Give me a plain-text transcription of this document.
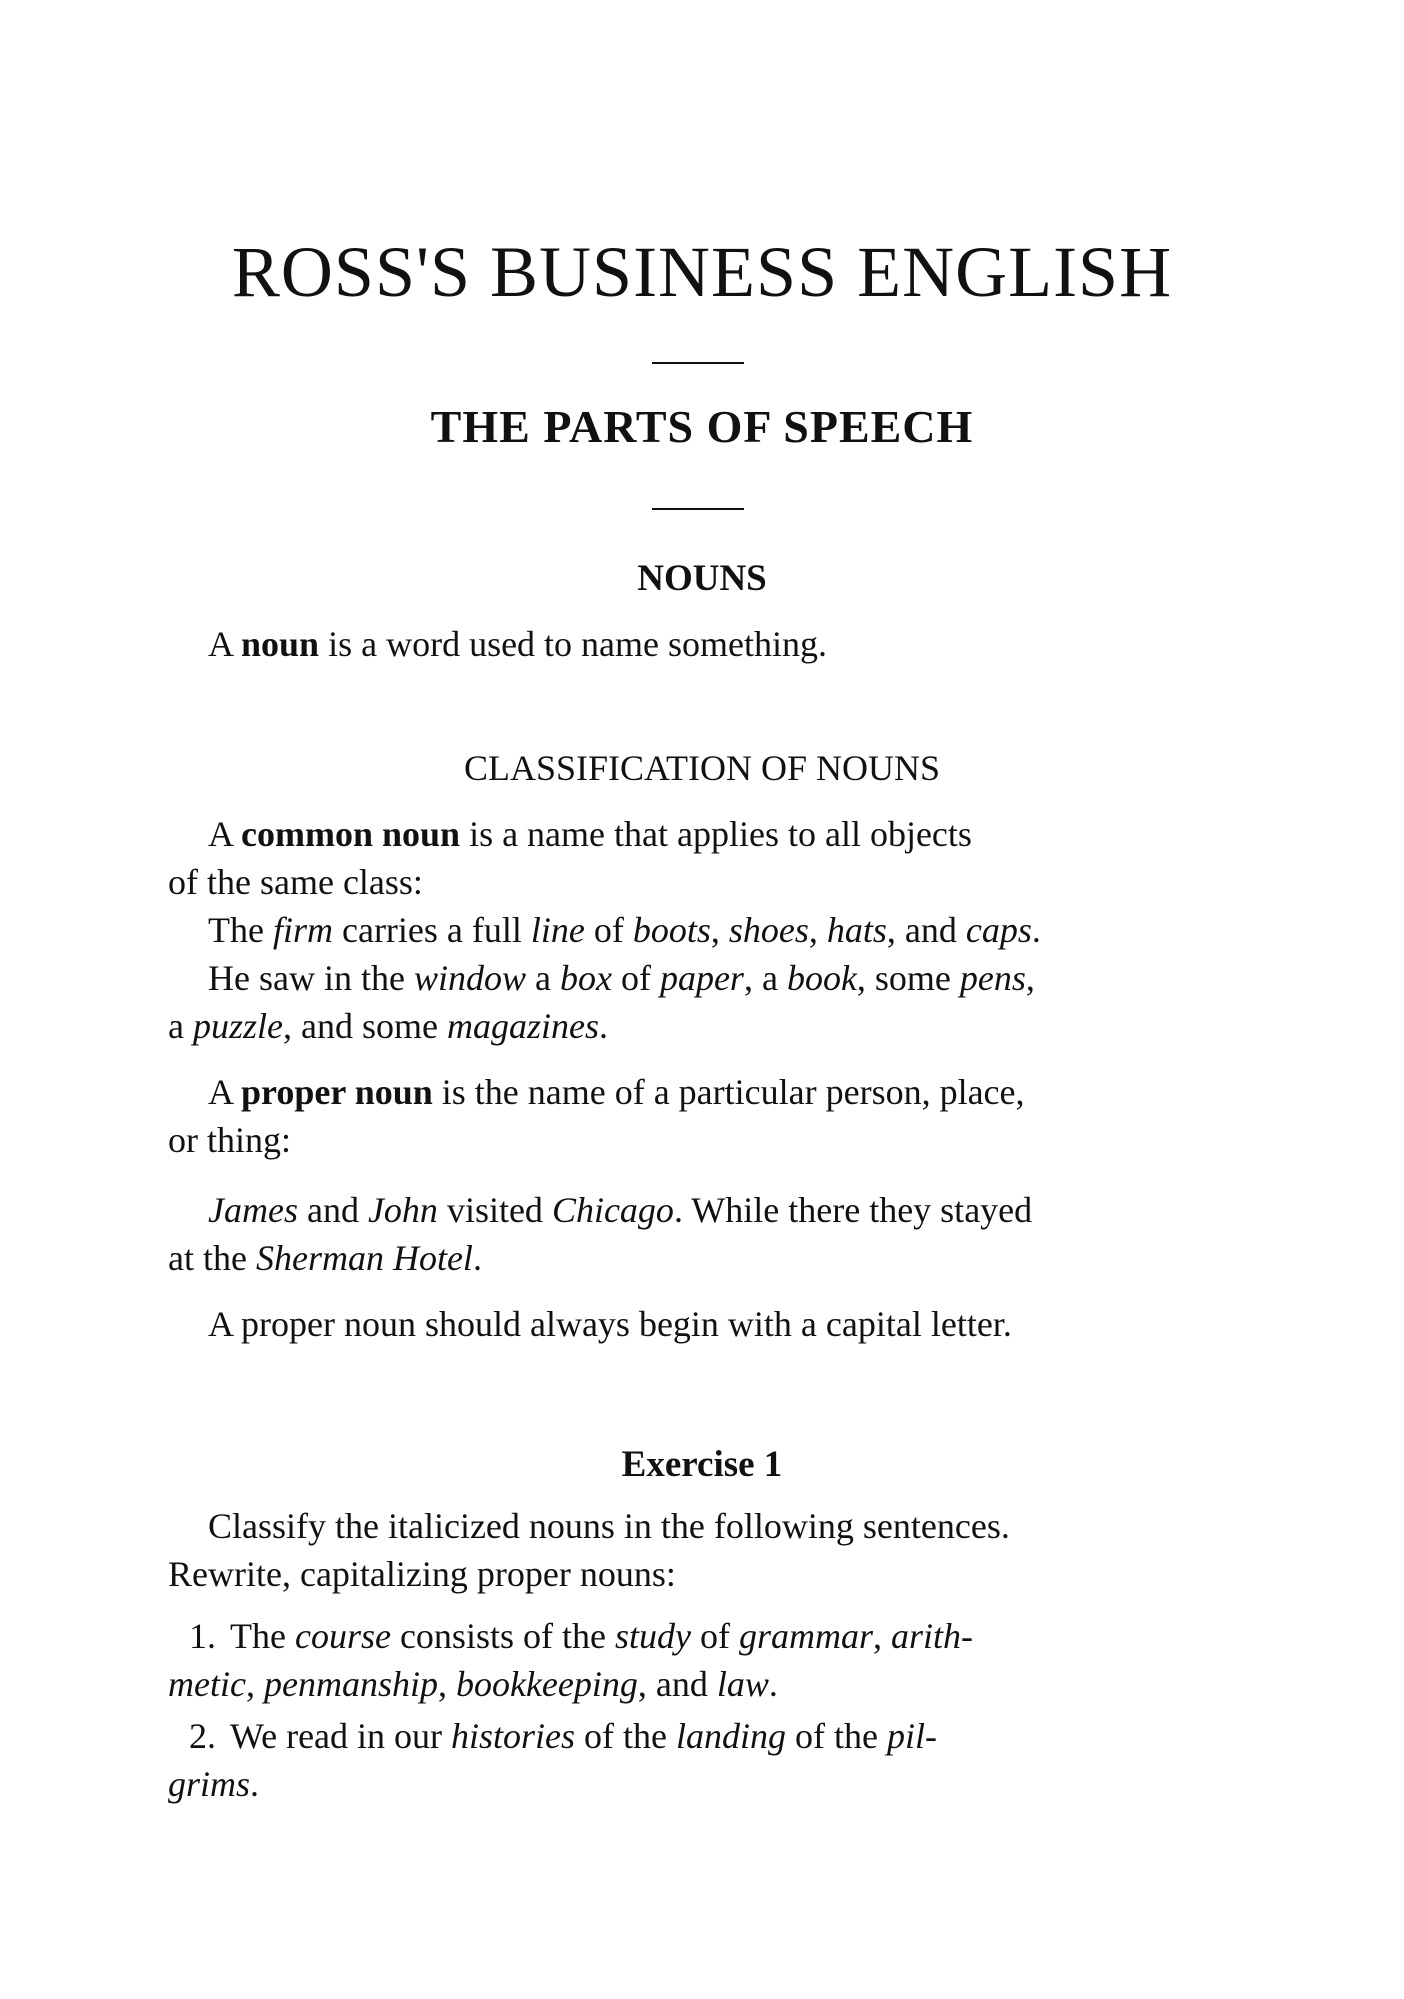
ROSS'S BUSINESS ENGLISH
THE PARTS OF SPEECH
NOUNS

A noun is a word used to name something.

CLASSIFICATION OF NOUNS
A common noun is a name that applies to all objects
of the same class:
The firm carries a full line of boots, shoes, hats, and caps.
He saw in the window a box of paper, a book, some pens,
a puzzle, and some magazines.
A proper noun is the name of a particular person, place,
or thing:
James and John visited Chicago. While there they stayed
at the Sherman Hotel.

A proper noun should always begin with a capital letter.

Exercise 1
Classify the italicized nouns in the following sentences.
Rewrite, capitalizing proper nouns:
1. The course consists of the study of grammar, arith-
metic, penmanship, bookkeeping, and law.
2. We read in our histories of the landing of the pil-
grims.
